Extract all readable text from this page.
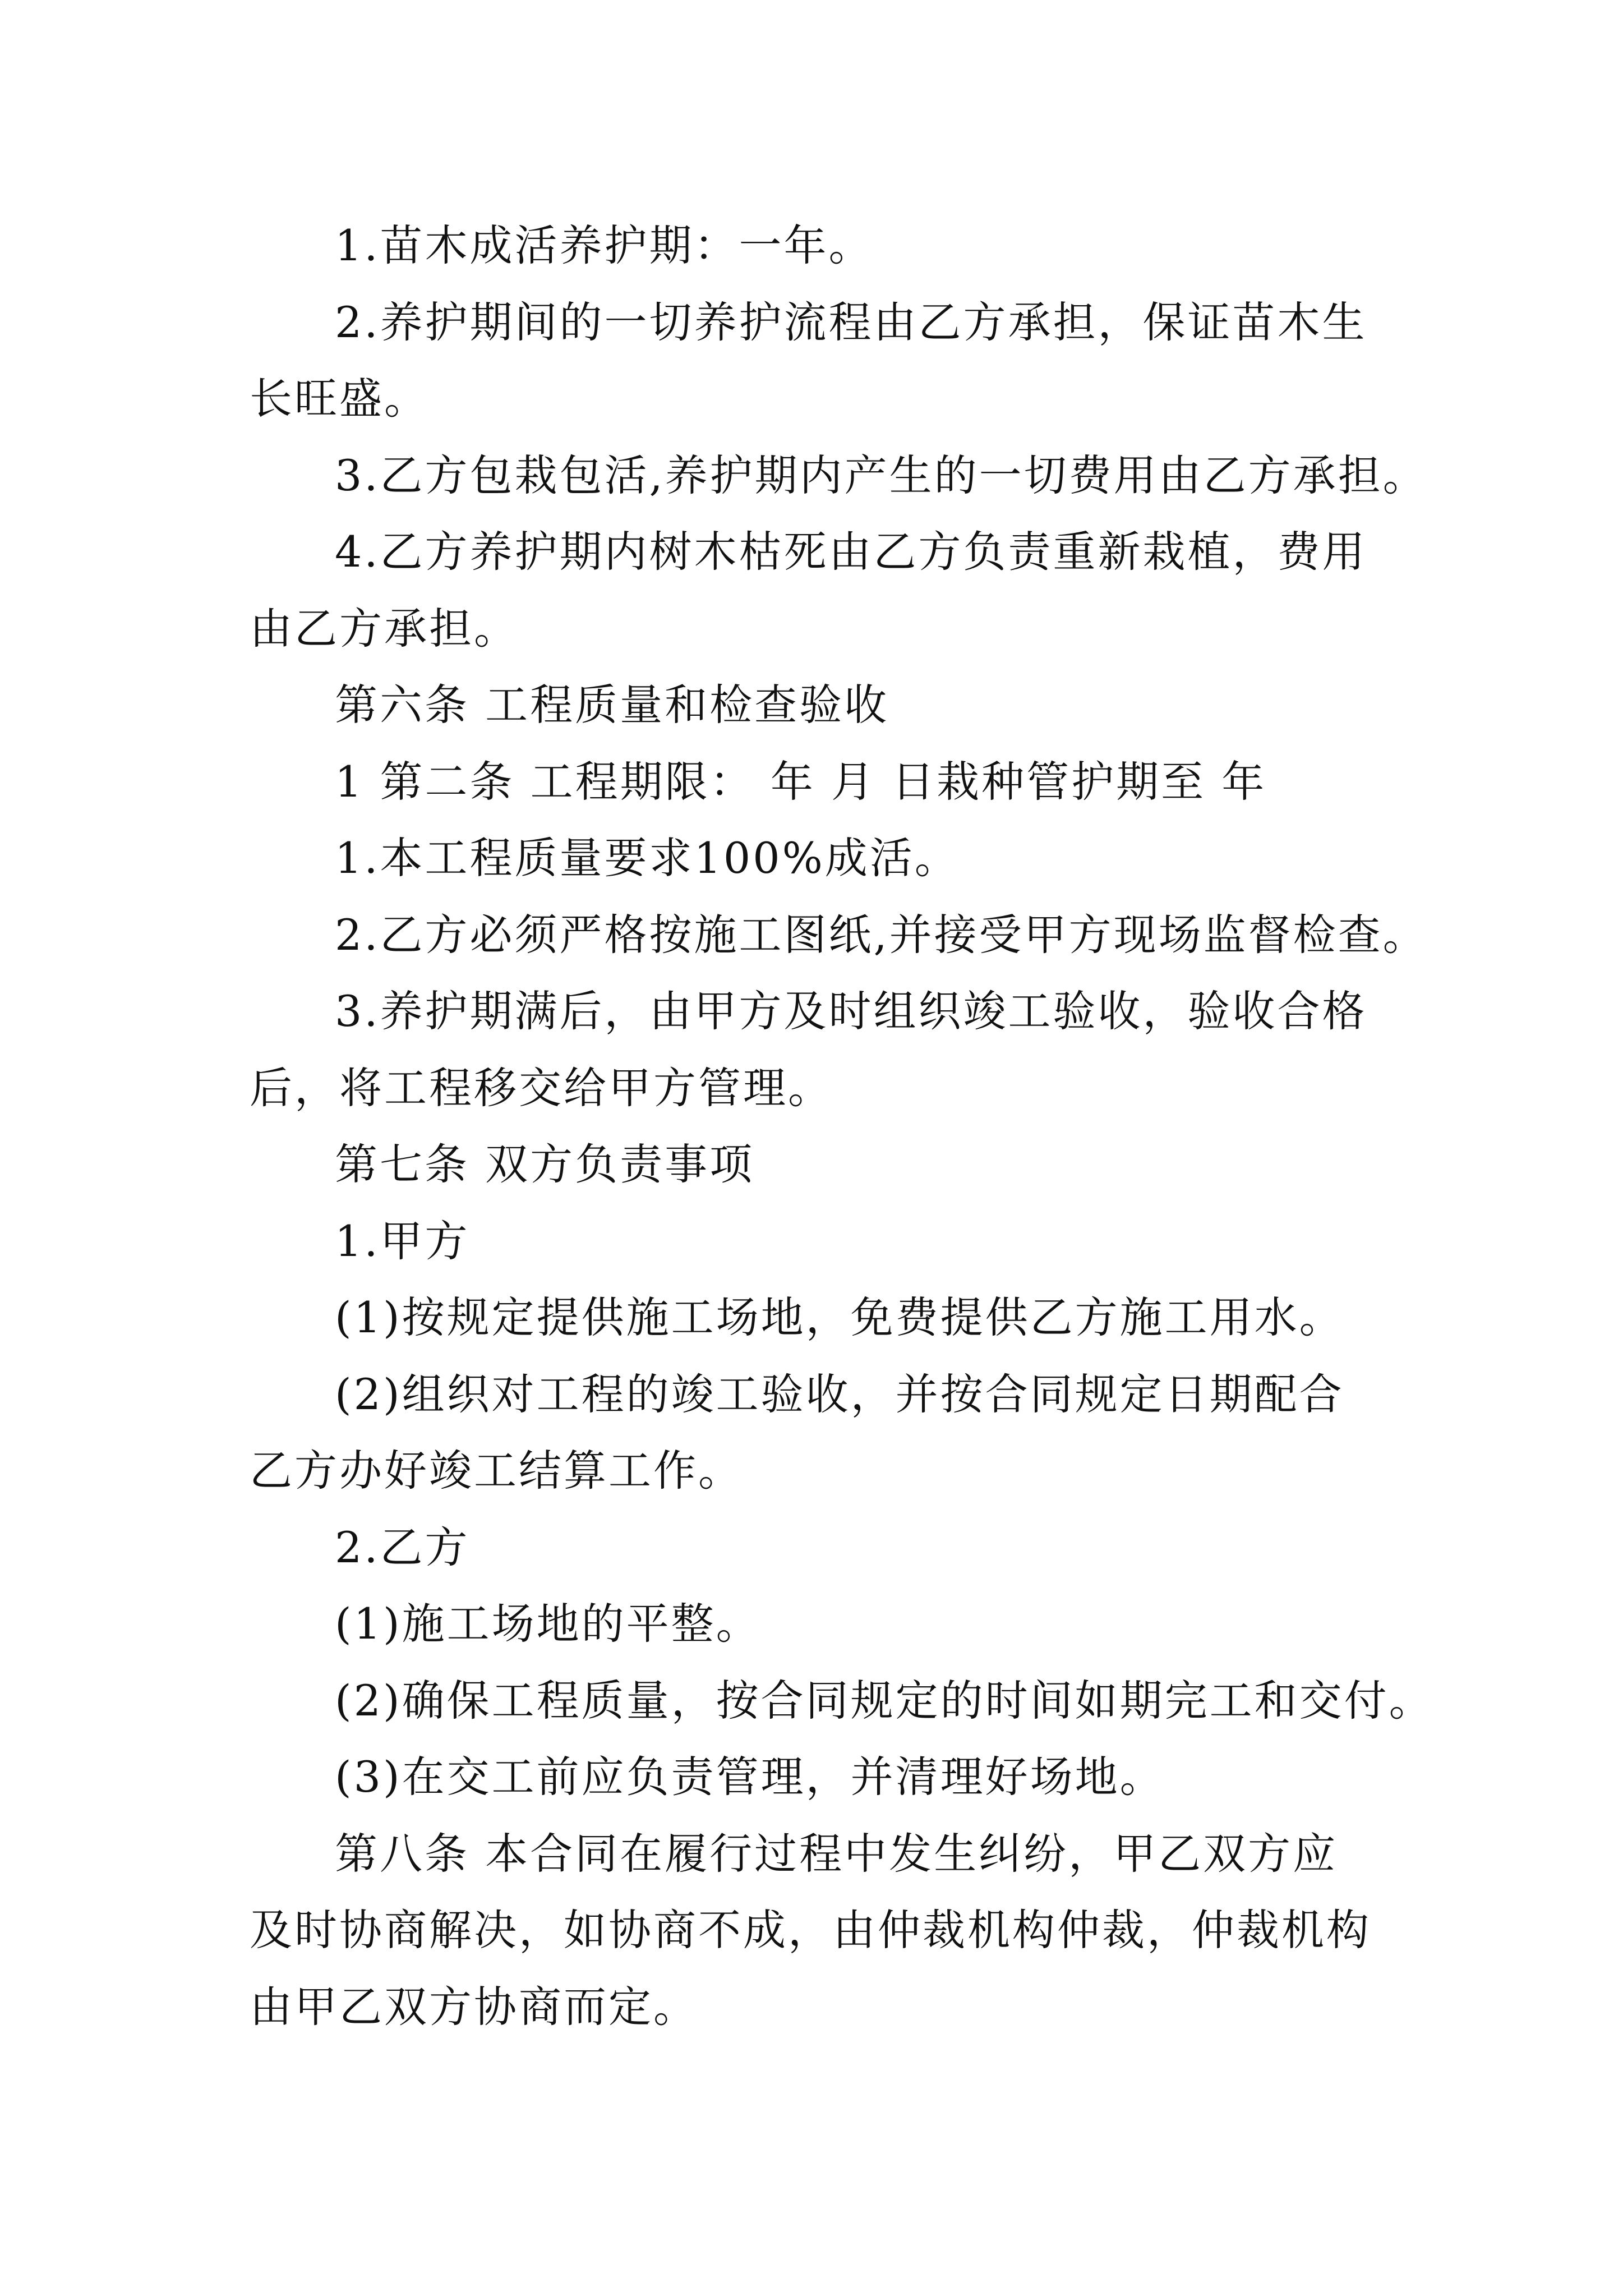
1.苗木成活养护期：一年。

2.养护期间的一切养护流程由乙方承担，保证苗木生长旺盛。

3.乙方包栽包活,养护期内产生的一切费用由乙方承担。

4.乙方养护期内树木枯死由乙方负责重新栽植，费用由乙方承担。

第六条 工程质量和检查验收

1 第二条 工程期限： 年 月 日栽种管护期至 年

1.本工程质量要求100%成活。

2.乙方必须严格按施工图纸,并接受甲方现场监督检查。

3.养护期满后，由甲方及时组织竣工验收，验收合格后，将工程移交给甲方管理。

第七条 双方负责事项

1.甲方

(1)按规定提供施工场地，免费提供乙方施工用水。

(2)组织对工程的竣工验收，并按合同规定日期配合乙方办好竣工结算工作。

2.乙方

(1)施工场地的平整。

(2)确保工程质量，按合同规定的时间如期完工和交付。

(3)在交工前应负责管理，并清理好场地。

第八条 本合同在履行过程中发生纠纷，甲乙双方应及时协商解决，如协商不成，由仲裁机构仲裁，仲裁机构由甲乙双方协商而定。
